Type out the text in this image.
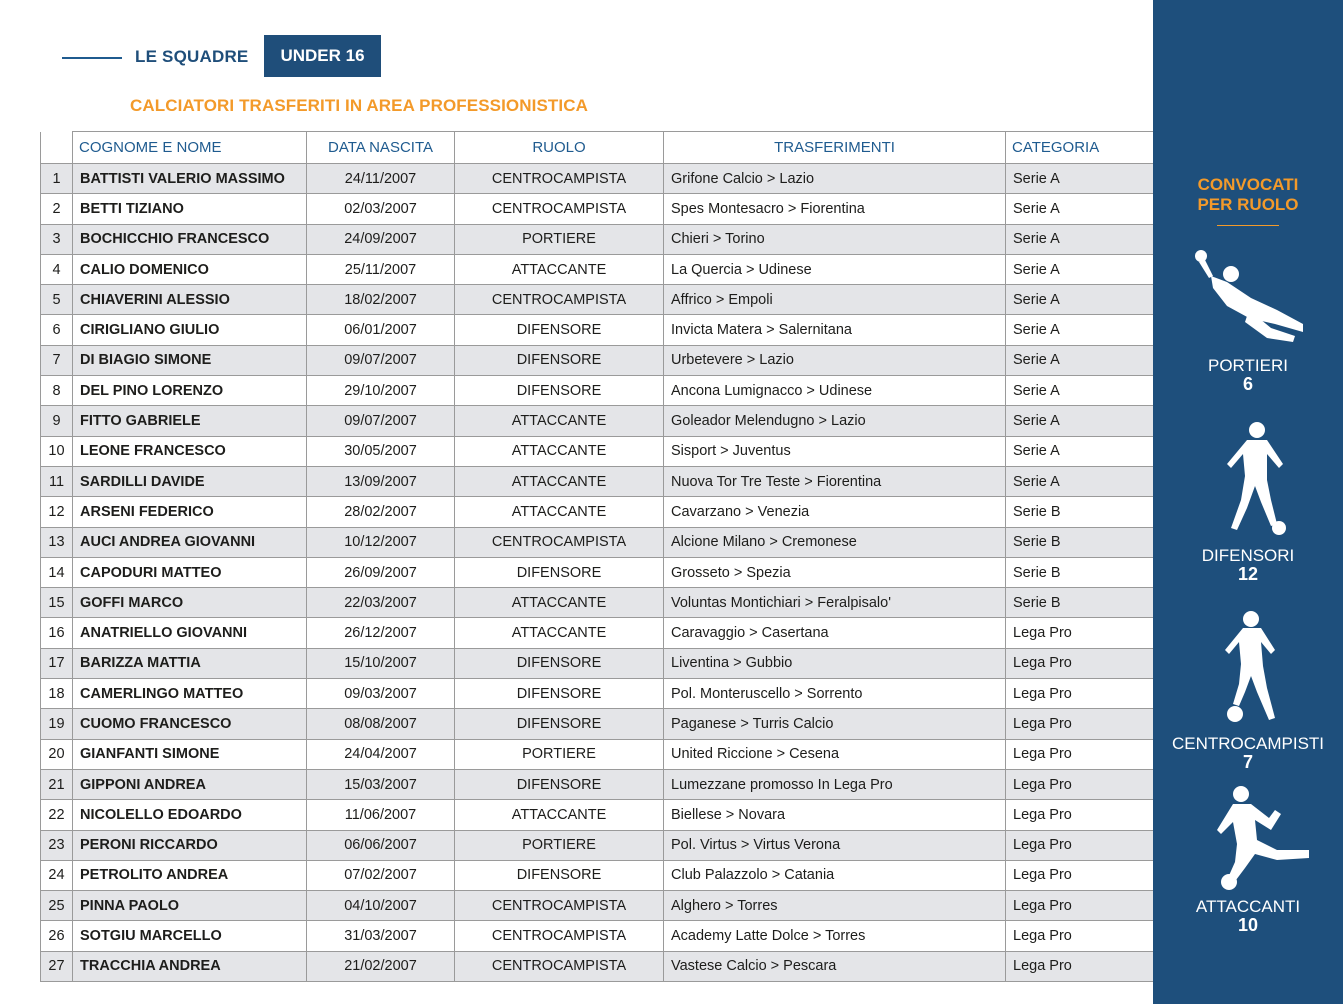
LE SQUADRE	UNDER 16
CALCIATORI TRASFERITI IN AREA PROFESSIONISTICA
	COGNOME E NOME	DATA NASCITA	RUOLO	TRASFERIMENTI	CATEGORIA
1	BATTISTI VALERIO MASSIMO	24/11/2007	CENTROCAMPISTA	Grifone Calcio > Lazio	Serie A
2	BETTI TIZIANO	02/03/2007	CENTROCAMPISTA	Spes Montesacro > Fiorentina	Serie A
3	BOCHICCHIO FRANCESCO	24/09/2007	PORTIERE	Chieri > Torino	Serie A
4	CALIO DOMENICO	25/11/2007	ATTACCANTE	La Quercia > Udinese	Serie A
5	CHIAVERINI ALESSIO	18/02/2007	CENTROCAMPISTA	Affrico > Empoli	Serie A
6	CIRIGLIANO GIULIO	06/01/2007	DIFENSORE	Invicta Matera > Salernitana	Serie A
7	DI BIAGIO SIMONE	09/07/2007	DIFENSORE	Urbetevere > Lazio	Serie A
8	DEL PINO LORENZO	29/10/2007	DIFENSORE	Ancona Lumignacco > Udinese	Serie A
9	FITTO GABRIELE	09/07/2007	ATTACCANTE	Goleador Melendugno > Lazio	Serie A
10	LEONE FRANCESCO	30/05/2007	ATTACCANTE	Sisport > Juventus	Serie A
11	SARDILLI DAVIDE	13/09/2007	ATTACCANTE	Nuova Tor Tre Teste > Fiorentina	Serie A
12	ARSENI FEDERICO	28/02/2007	ATTACCANTE	Cavarzano > Venezia	Serie B
13	AUCI ANDREA GIOVANNI	10/12/2007	CENTROCAMPISTA	Alcione Milano > Cremonese	Serie B
14	CAPODURI MATTEO	26/09/2007	DIFENSORE	Grosseto > Spezia	Serie B
15	GOFFI MARCO	22/03/2007	ATTACCANTE	Voluntas Montichiari > Feralpisalo'	Serie B
16	ANATRIELLO GIOVANNI	26/12/2007	ATTACCANTE	Caravaggio > Casertana	Lega Pro
17	BARIZZA MATTIA	15/10/2007	DIFENSORE	Liventina > Gubbio	Lega Pro
18	CAMERLINGO MATTEO	09/03/2007	DIFENSORE	Pol. Monteruscello > Sorrento	Lega Pro
19	CUOMO FRANCESCO	08/08/2007	DIFENSORE	Paganese > Turris Calcio	Lega Pro
20	GIANFANTI SIMONE	24/04/2007	PORTIERE	United Riccione > Cesena	Lega Pro
21	GIPPONI ANDREA	15/03/2007	DIFENSORE	Lumezzane promosso In Lega Pro	Lega Pro
22	NICOLELLO EDOARDO	11/06/2007	ATTACCANTE	Biellese > Novara	Lega Pro
23	PERONI RICCARDO	06/06/2007	PORTIERE	Pol. Virtus > Virtus Verona	Lega Pro
24	PETROLITO ANDREA	07/02/2007	DIFENSORE	Club Palazzolo > Catania	Lega Pro
25	PINNA PAOLO	04/10/2007	CENTROCAMPISTA	Alghero > Torres	Lega Pro
26	SOTGIU MARCELLO	31/03/2007	CENTROCAMPISTA	Academy Latte Dolce > Torres	Lega Pro
27	TRACCHIA ANDREA	21/02/2007	CENTROCAMPISTA	Vastese Calcio > Pescara	Lega Pro
CONVOCATI
PER RUOLO
PORTIERI
6
DIFENSORI
12
CENTROCAMPISTI
7
ATTACCANTI
10
